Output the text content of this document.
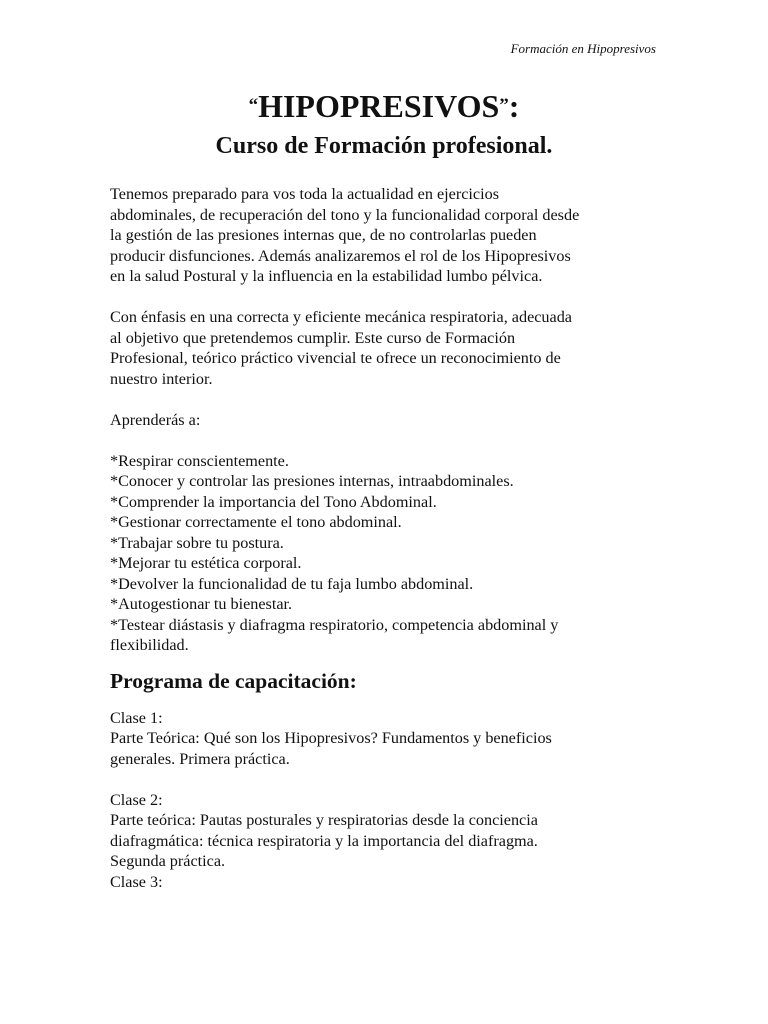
Formación en Hipopresivos
“HIPOPRESIVOS”:
Curso de Formación profesional.
Tenemos preparado para vos toda la actualidad en ejercicios
abdominales, de recuperación del tono y la funcionalidad corporal desde
la gestión de las presiones internas que, de no controlarlas pueden
producir disfunciones. Además analizaremos el rol de los Hipopresivos
en la salud Postural y la influencia en la estabilidad lumbo pélvica.
Con énfasis en una correcta y eficiente mecánica respiratoria, adecuada
al objetivo que pretendemos cumplir. Este curso de Formación
Profesional, teórico práctico vivencial te ofrece un reconocimiento de
nuestro interior.
Aprenderás a:
*Respirar conscientemente.
*Conocer y controlar las presiones internas, intraabdominales.
*Comprender la importancia del Tono Abdominal.
*Gestionar correctamente el tono abdominal.
*Trabajar sobre tu postura.
*Mejorar tu estética corporal.
*Devolver la funcionalidad de tu faja lumbo abdominal.
*Autogestionar tu bienestar.
*Testear diástasis y diafragma respiratorio, competencia abdominal y
flexibilidad.
Programa de capacitación:
Clase 1:
Parte Teórica: Qué son los Hipopresivos? Fundamentos y beneficios
generales. Primera práctica.
Clase 2:
Parte teórica: Pautas posturales y respiratorias desde la conciencia
diafragmática: técnica respiratoria y la importancia del diafragma.
Segunda práctica.
Clase 3:
